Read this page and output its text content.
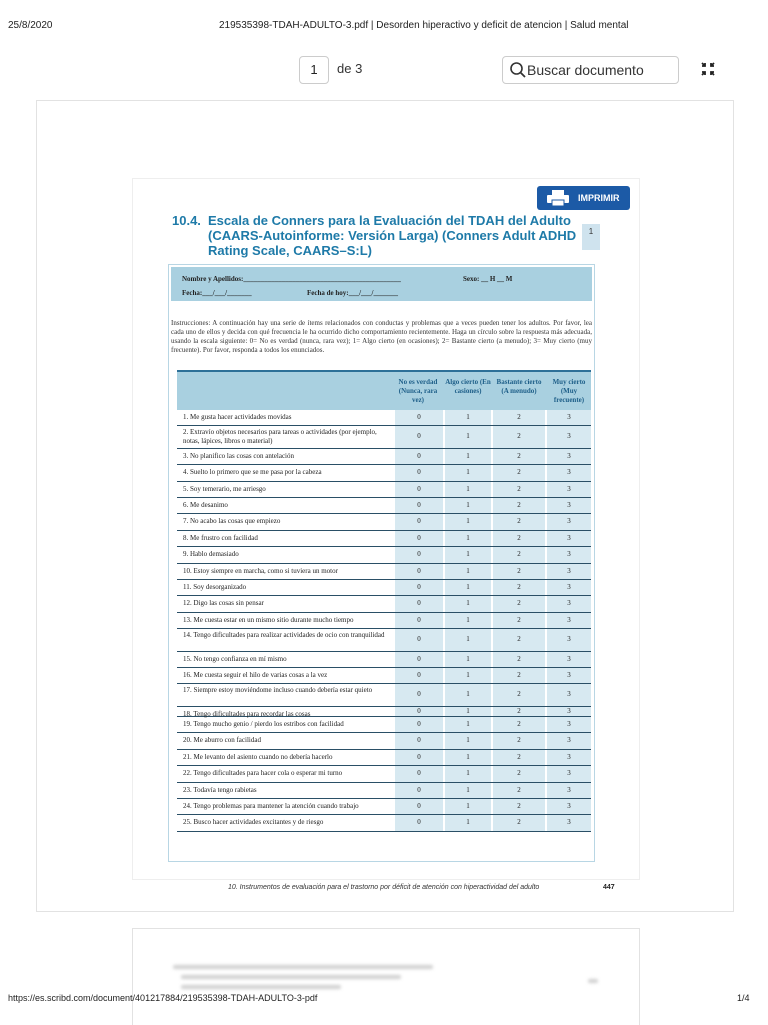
25/8/2020	219535398-TDAH-ADULTO-3.pdf | Desorden hiperactivo y deficit de atencion | Salud mental
1	de 3	Buscar documento
IMPRIMIR
10.4. Escala de Conners para la Evaluación del TDAH del Adulto (CAARS-Autoinforme: Versión Larga) (Conners Adult ADHD Rating Scale, CAARS–S:L)
1
Nombre y Apellidos:_____________________________________________	Sexo: __ H __ M
Fecha:___/___/_______	Fecha de hoy:___/___/_______
Instrucciones: A continuación hay una serie de ítems relacionados con conductas y problemas que a veces pueden tener los adultos. Por favor, lea cada uno de ellos y decida con qué frecuencia le ha ocurrido dicho comportamiento recientemente. Haga un círculo sobre la respuesta más adecuada, usando la escala siguiente: 0= No es verdad (nunca, rara vez); 1= Algo cierto (en ocasiones); 2= Bastante cierto (a menudo); 3= Muy cierto (muy frecuente). Por favor, responda a todos los enunciados.
No es verdad (Nunca, rara vez)
Algo cierto (En casiones)
Bastante cierto (A menudo)
Muy cierto (Muy frecuente)
1. Me gusta hacer actividades movidas	0	1	2	3
2. Extravío objetos necesarios para tareas o actividades (por ejemplo, notas, lápices, libros o material)
0	1	2	3
3. No planifico las cosas con antelación	0	1	2	3
4. Suelto lo primero que se me pasa por la cabeza	0	1	2	3
5. Soy temerario, me arriesgo	0	1	2	3
6. Me desanimo	0	1	2	3
7. No acabo las cosas que empiezo	0	1	2	3
8. Me frustro con facilidad	0	1	2	3
9. Hablo demasiado	0	1	2	3
10. Estoy siempre en marcha, como si tuviera un motor	0	1	2	3
11. Soy desorganizado	0	1	2	3
12. Digo las cosas sin pensar	0	1	2	3
13. Me cuesta estar en un mismo sitio durante mucho tiempo	0	1	2	3
14. Tengo dificultades para realizar actividades de ocio con tranquilidad	0	1	2	3
15. No tengo confianza en mí mismo	0	1	2	3
16. Me cuesta seguir el hilo de varias cosas a la vez	0	1	2	3
17. Siempre estoy moviéndome incluso cuando debería estar quieto	0	1	2	3
18. Tengo dificultades para recordar las cosas	0	1	2	3
19. Tengo mucho genio / pierdo los estribos con facilidad	0	1	2	3
20. Me aburro con facilidad	0	1	2	3
21. Me levanto del asiento cuando no debería hacerlo	0	1	2	3
22. Tengo dificultades para hacer cola o esperar mi turno	0	1	2	3
23. Todavía tengo rabietas	0	1	2	3
24. Tengo problemas para mantener la atención cuando trabajo	0	1	2	3
25. Busco hacer actividades excitantes y de riesgo	0	1	2	3
10. Instrumentos de evaluación para el trastorno por déficit de atención con hiperactividad del adulto	447
https://es.scribd.com/document/401217884/219535398-TDAH-ADULTO-3-pdf	1/4
